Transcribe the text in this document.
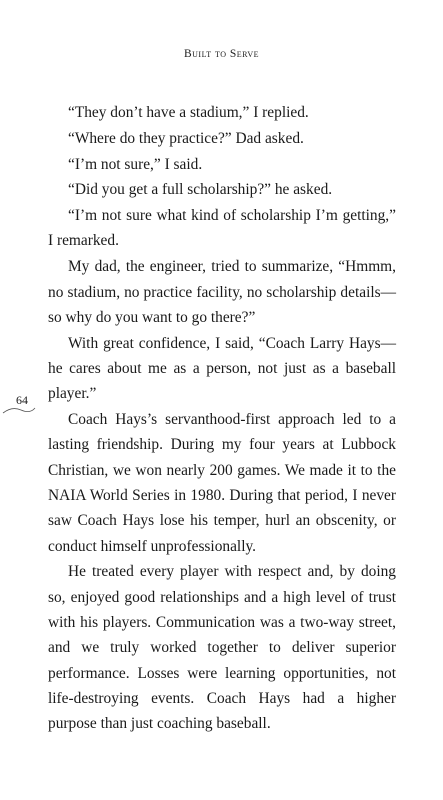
Built to Serve
64

“They don’t have a stadium,” I replied.

“Where do they practice?” Dad asked.

“I’m not sure,” I said.

“Did you get a full scholarship?” he asked.

“I’m not sure what kind of scholarship I’m getting,” I remarked.

My dad, the engineer, tried to summarize, “Hmmm, no stadium, no practice facility, no scholarship details—so why do you want to go there?”

With great confidence, I said, “Coach Larry Hays—he cares about me as a person, not just as a baseball player.”

Coach Hays’s servanthood-first approach led to a lasting friendship. During my four years at Lubbock Christian, we won nearly 200 games. We made it to the NAIA World Series in 1980. During that period, I never saw Coach Hays lose his temper, hurl an obscenity, or conduct himself unprofessionally.

He treated every player with respect and, by doing so, enjoyed good relationships and a high level of trust with his players. Communication was a two-way street, and we truly worked together to deliver superior performance. Losses were learning opportunities, not life-destroying events. Coach Hays had a higher purpose than just coaching baseball.
